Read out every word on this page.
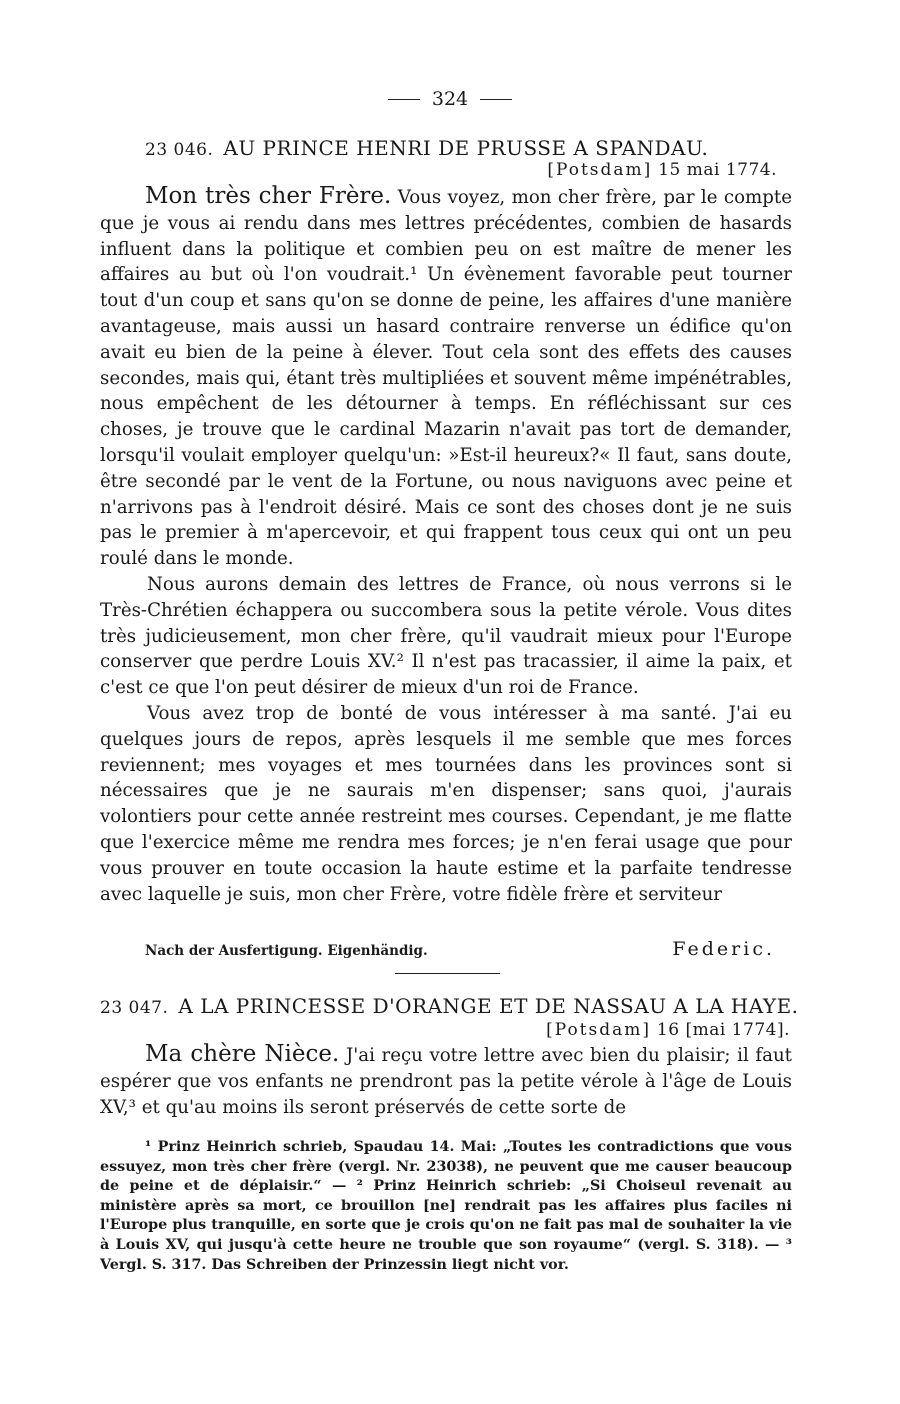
324
23 046. AU PRINCE HENRI DE PRUSSE A SPANDAU.
[Potsdam] 15 mai 1774.

Mon très cher Frère. Vous voyez, mon cher frère, par le compte que je vous ai rendu dans mes lettres précédentes, combien de hasards influent dans la politique et combien peu on est maître de mener les affaires au but où l'on voudrait.¹ Un évènement favorable peut tourner tout d'un coup et sans qu'on se donne de peine, les affaires d'une manière avantageuse, mais aussi un hasard contraire renverse un édifice qu'on avait eu bien de la peine à élever. Tout cela sont des effets des causes secondes, mais qui, étant très multipliées et souvent même impénétrables, nous empêchent de les détourner à temps. En réfléchissant sur ces choses, je trouve que le cardinal Mazarin n'avait pas tort de demander, lorsqu'il voulait employer quelqu'un: »Est-il heureux?« Il faut, sans doute, être secondé par le vent de la Fortune, ou nous naviguons avec peine et n'arrivons pas à l'endroit désiré. Mais ce sont des choses dont je ne suis pas le premier à m'apercevoir, et qui frappent tous ceux qui ont un peu roulé dans le monde.

Nous aurons demain des lettres de France, où nous verrons si le Très-Chrétien échappera ou succombera sous la petite vérole. Vous dites très judicieusement, mon cher frère, qu'il vaudrait mieux pour l'Europe conserver que perdre Louis XV.² Il n'est pas tracassier, il aime la paix, et c'est ce que l'on peut désirer de mieux d'un roi de France.

Vous avez trop de bonté de vous intéresser à ma santé. J'ai eu quelques jours de repos, après lesquels il me semble que mes forces reviennent; mes voyages et mes tournées dans les provinces sont si nécessaires que je ne saurais m'en dispenser; sans quoi, j'aurais volontiers pour cette année restreint mes courses. Cependant, je me flatte que l'exercice même me rendra mes forces; je n'en ferai usage que pour vous prouver en toute occasion la haute estime et la parfaite tendresse avec laquelle je suis, mon cher Frère, votre fidèle frère et serviteur

Nach der Ausfertigung. Eigenhändig.	Federic.
23 047. A LA PRINCESSE D'ORANGE ET DE NASSAU A LA HAYE.
[Potsdam] 16 [mai 1774].

Ma chère Nièce. J'ai reçu votre lettre avec bien du plaisir; il faut espérer que vos enfants ne prendront pas la petite vérole à l'âge de Louis XV,³ et qu'au moins ils seront préservés de cette sorte de

¹ Prinz Heinrich schrieb, Spaudau 14. Mai: „Toutes les contradictions que vous essuyez, mon très cher frère (vergl. Nr. 23038), ne peuvent que me causer beaucoup de peine et de déplaisir.“ — ² Prinz Heinrich schrieb: „Si Choiseul revenait au ministère après sa mort, ce brouillon [ne] rendrait pas les affaires plus faciles ni l'Europe plus tranquille, en sorte que je crois qu'on ne fait pas mal de souhaiter la vie à Louis XV, qui jusqu'à cette heure ne trouble que son royaume“ (vergl. S. 318). — ³ Vergl. S. 317. Das Schreiben der Prinzessin liegt nicht vor.
